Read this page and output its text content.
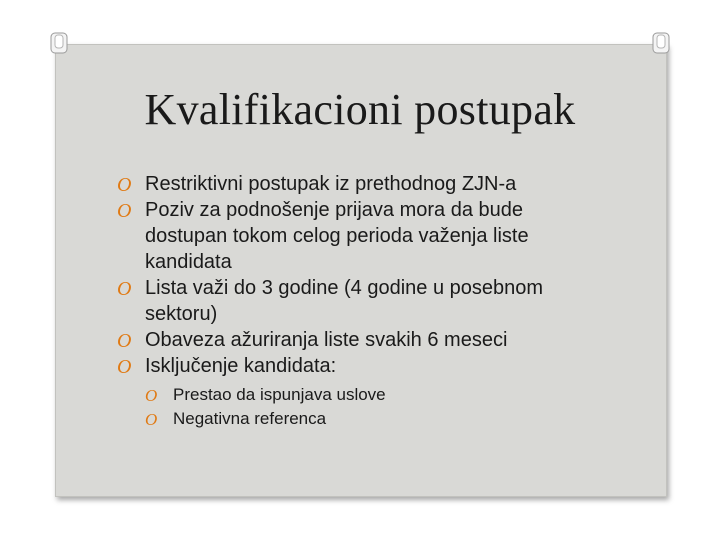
Kvalifikacioni postupak
O Restriktivni postupak iz prethodnog ZJN-a
O Poziv za podnošenje prijava mora da bude dostupan tokom celog perioda važenja liste kandidata
O Lista važi do 3 godine (4 godine u posebnom sektoru)
O Obaveza ažuriranja liste svakih 6 meseci
O Isključenje kandidata:
O Prestao da ispunjava uslove
O Negativna referenca
